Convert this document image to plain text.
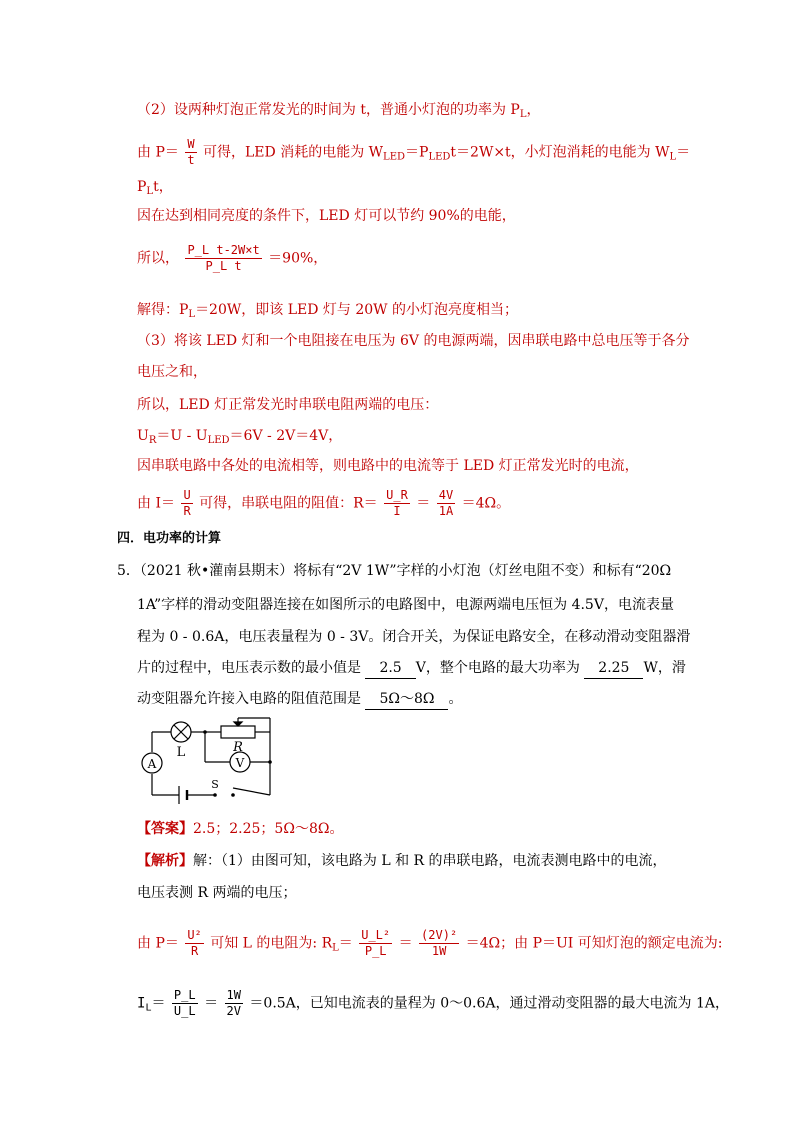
（2）设两种灯泡正常发光的时间为 t，普通小灯泡的功率为 $P_L$，
由 $P= \frac{W}{t}$ 可得，LED 消耗的电能为 $W_{LED}=P_{LED}t=2W\times t$，小灯泡消耗的电能为 $W_L=$
$P_Lt$，
因在达到相同亮度的条件下，LED 灯可以节约 90%的电能，
所以， $\frac{\text{P\_L t-2W×t}}{\text{P\_L t}} =90\%$，
解得：$P_L=20W$，即该 LED 灯与 20W 的小灯泡亮度相当；
（3）将该 LED 灯和一个电阻接在电压为 6V 的电源两端，因串联电路中总电压等于各分
电压之和，
所以，LED 灯正常发光时串联电阻两端的电压：
$U_R=U - U_{LED}=6V - 2V=4V$，
因串联电路中各处的电流相等，则电路中的电流等于 LED 灯正常发光时的电流，
由 $I= \frac{U}{R}$ 可得，串联电阻的阻值：$R= \frac{U\_R}{I} = \frac{4V}{1A} =4\Omega$。
四．电功率的计算
5．（2021 秋•灌南县期末）将标有“2V 1W”字样的小灯泡（灯丝电阻不变）和标有“20Ω
1A”字样的滑动变阻器连接在如图所示的电路图中，电源两端电压恒为 4.5V，电流表量
程为 0 - 0.6A，电压表量程为 0 - 3V。闭合开关，为保证电路安全，在移动滑动变阻器滑
片的过程中，电压表示数的最小值是 2.5 V，整个电路的最大功率为 2.25 W，滑
动变阻器允许接入电路的阻值范围是 5Ω～8Ω 。
A	V
L	R
S
【答案】2.5；2.25；5Ω～8Ω。
【解析】解：（1）由图可知，该电路为 L 和 R 的串联电路，电流表测电路中的电流，
电压表测 R 两端的电压；
由 $P= \frac{\text{U²}}{R}$ 可知 L 的电阻为: $R_L= \frac{\text{U\_L²}}{P\_L} = \frac{\text{(2V)²}}{1W} =4\Omega$；由 P＝UI 可知灯泡的额定电流为:
$I_L= \frac{P\_L}{U\_L} = \frac{1W}{2V} =0.5A$，已知电流表的量程为 0～0.6A，通过滑动变阻器的最大电流为 1A，
